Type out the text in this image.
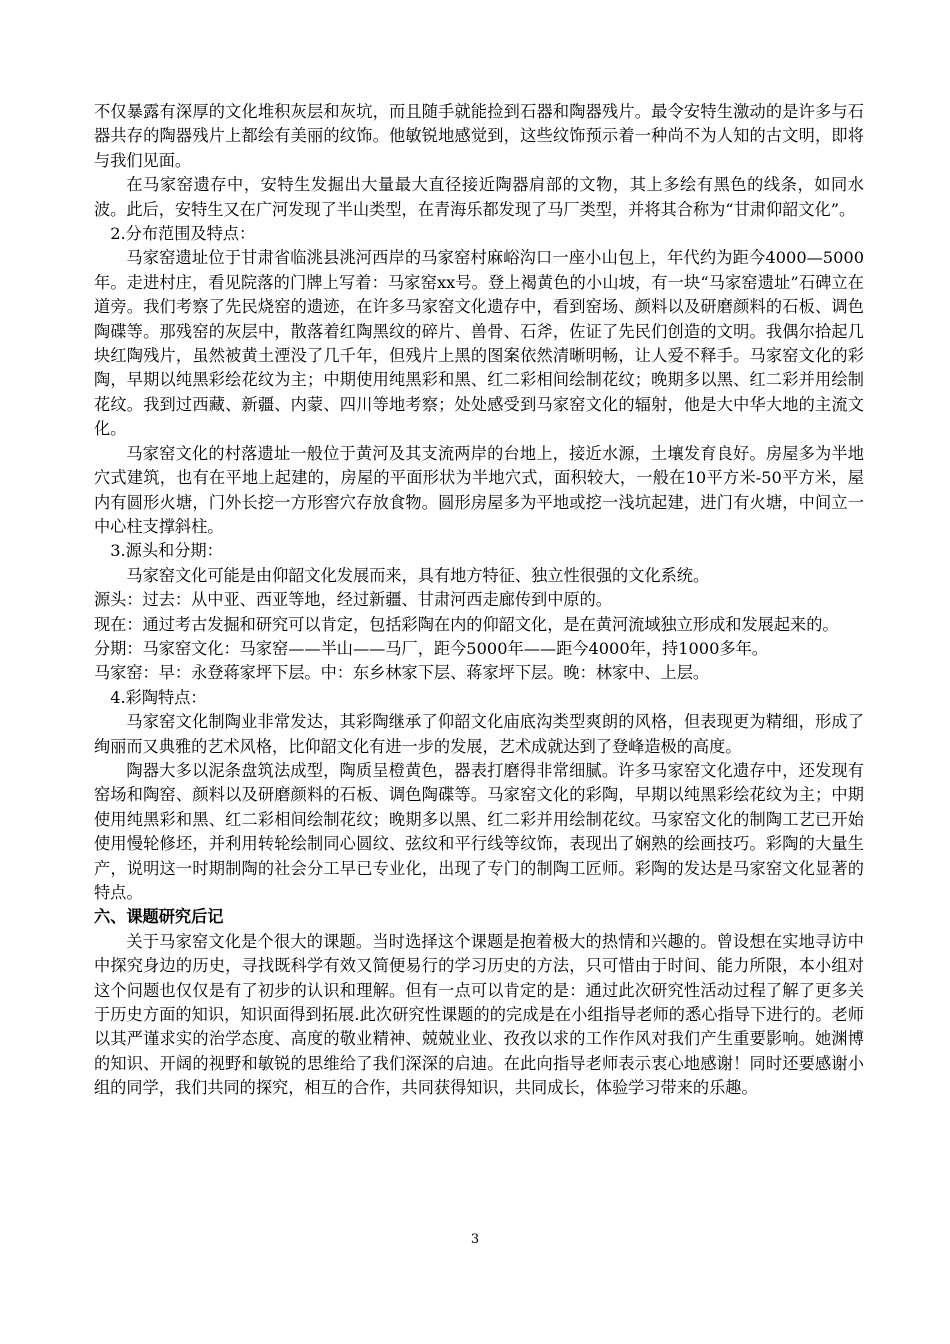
不仅暴露有深厚的文化堆积灰层和灰坑，而且随手就能捡到石器和陶器残片。最令安特生激动的是许多与石器共存的陶器残片上都绘有美丽的纹饰。他敏锐地感觉到，这些纹饰预示着一种尚不为人知的古文明，即将与我们见面。

在马家窑遗存中，安特生发掘出大量最大直径接近陶器肩部的文物，其上多绘有黑色的线条，如同水波。此后，安特生又在广河发现了半山类型，在青海乐都发现了马厂类型，并将其合称为“甘肃仰韶文化”。

2.分布范围及特点：

马家窑遗址位于甘肃省临洮县洮河西岸的马家窑村麻峪沟口一座小山包上，年代约为距今4000—5000年。走进村庄，看见院落的门牌上写着：马家窑xx号。登上褐黄色的小山坡，有一块“马家窑遗址”石碑立在道旁。我们考察了先民烧窑的遗迹，在许多马家窑文化遗存中，看到窑场、颜料以及研磨颜料的石板、调色陶碟等。那残窑的灰层中，散落着红陶黑纹的碎片、兽骨、石斧，佐证了先民们创造的文明。我偶尔拾起几块红陶残片，虽然被黄土湮没了几千年，但残片上黑的图案依然清晰明畅，让人爱不释手。马家窑文化的彩陶，早期以纯黑彩绘花纹为主；中期使用纯黑彩和黑、红二彩相间绘制花纹；晚期多以黑、红二彩并用绘制花纹。我到过西藏、新疆、内蒙、四川等地考察；处处感受到马家窑文化的辐射，他是大中华大地的主流文化。

马家窑文化的村落遗址一般位于黄河及其支流两岸的台地上，接近水源，土壤发育良好。房屋多为半地穴式建筑，也有在平地上起建的，房屋的平面形状为半地穴式，面积较大，一般在10平方米-50平方米，屋内有圆形火塘，门外长挖一方形窖穴存放食物。圆形房屋多为平地或挖一浅坑起建，进门有火塘，中间立一中心柱支撑斜柱。

3.源头和分期：

马家窑文化可能是由仰韶文化发展而来，具有地方特征、独立性很强的文化系统。

源头：过去：从中亚、西亚等地，经过新疆、甘肃河西走廊传到中原的。

现在：通过考古发掘和研究可以肯定，包括彩陶在内的仰韶文化，是在黄河流域独立形成和发展起来的。

分期：马家窑文化：马家窑——半山——马厂，距今5000年——距今4000年，持1000多年。

马家窑：早：永登蒋家坪下层。中：东乡林家下层、蒋家坪下层。晚：林家中、上层。

4.彩陶特点：

马家窑文化制陶业非常发达，其彩陶继承了仰韶文化庙底沟类型爽朗的风格，但表现更为精细，形成了绚丽而又典雅的艺术风格，比仰韶文化有进一步的发展，艺术成就达到了登峰造极的高度。

陶器大多以泥条盘筑法成型，陶质呈橙黄色，器表打磨得非常细腻。许多马家窑文化遗存中，还发现有窑场和陶窑、颜料以及研磨颜料的石板、调色陶碟等。马家窑文化的彩陶，早期以纯黑彩绘花纹为主；中期使用纯黑彩和黑、红二彩相间绘制花纹；晚期多以黑、红二彩并用绘制花纹。马家窑文化的制陶工艺已开始使用慢轮修坯，并利用转轮绘制同心圆纹、弦纹和平行线等纹饰，表现出了娴熟的绘画技巧。彩陶的大量生产，说明这一时期制陶的社会分工早已专业化，出现了专门的制陶工匠师。彩陶的发达是马家窑文化显著的特点。

六、课题研究后记

关于马家窑文化是个很大的课题。当时选择这个课题是抱着极大的热情和兴趣的。曾设想在实地寻访中中探究身边的历史，寻找既科学有效又简便易行的学习历史的方法，只可惜由于时间、能力所限，本小组对这个问题也仅仅是有了初步的认识和理解。但有一点可以肯定的是：通过此次研究性活动过程了解了更多关于历史方面的知识，知识面得到拓展.此次研究性课题的的完成是在小组指导老师的悉心指导下进行的。老师以其严谨求实的治学态度、高度的敬业精神、兢兢业业、孜孜以求的工作作风对我们产生重要影响。她渊博的知识、开阔的视野和敏锐的思维给了我们深深的启迪。在此向指导老师表示衷心地感谢！同时还要感谢小组的同学，我们共同的探究，相互的合作，共同获得知识，共同成长，体验学习带来的乐趣。

3
